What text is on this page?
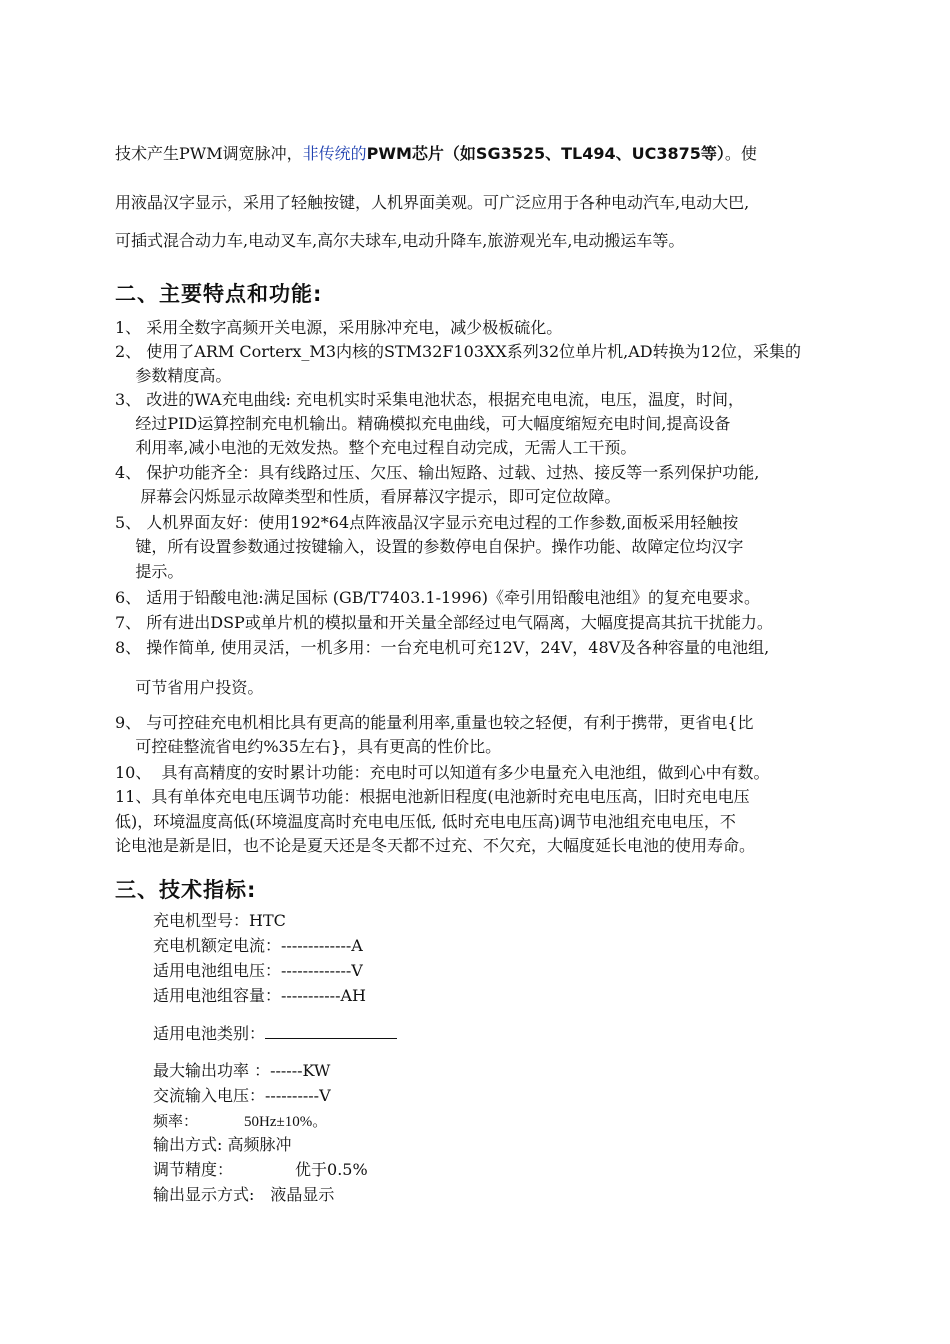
技术产生PWM调宽脉冲，非传统的PWM芯片（如SG3525、TL494、UC3875等）。使
用液晶汉字显示，采用了轻触按键，人机界面美观。可广泛应用于各种电动汽车,电动大巴,
可插式混合动力车,电动叉车,高尔夫球车,电动升降车,旅游观光车,电动搬运车等。
二、主要特点和功能:
1、 采用全数字高频开关电源，采用脉冲充电，减少极板硫化。
2、 使用了ARM Corterx_M3内核的STM32F103XX系列32位单片机,AD转换为12位，采集的
参数精度高。
3、 改进的WA充电曲线: 充电机实时采集电池状态，根据充电电流，电压，温度，时间，
经过PID运算控制充电机输出。精确模拟充电曲线，可大幅度缩短充电时间,提高设备
利用率,减小电池的无效发热。整个充电过程自动完成，无需人工干预。
4、 保护功能齐全：具有线路过压、欠压、输出短路、过载、过热、接反等一系列保护功能,
屏幕会闪烁显示故障类型和性质，看屏幕汉字提示，即可定位故障。
5、 人机界面友好：使用192*64点阵液晶汉字显示充电过程的工作参数,面板采用轻触按
键，所有设置参数通过按键输入，设置的参数停电自保护。操作功能、故障定位均汉字
提示。
6、 适用于铅酸电池:满足国标 (GB/T7403.1-1996)《牵引用铅酸电池组》的复充电要求。
7、 所有进出DSP或单片机的模拟量和开关量全部经过电气隔离，大幅度提高其抗干扰能力。
8、 操作简单, 使用灵活，一机多用：一台充电机可充12V，24V，48V及各种容量的电池组,
可节省用户投资。
9、 与可控硅充电机相比具有更高的能量利用率,重量也较之轻便，有利于携带，更省电{比
可控硅整流省电约%35左右}，具有更高的性价比。
10、  具有高精度的安时累计功能：充电时可以知道有多少电量充入电池组，做到心中有数。
11、具有单体充电电压调节功能：根据电池新旧程度(电池新时充电电压高，旧时充电电压
低)，环境温度高低(环境温度高时充电电压低, 低时充电电压高)调节电池组充电电压，不
论电池是新是旧，也不论是夏天还是冬天都不过充、不欠充，大幅度延长电池的使用寿命。
三、技术指标:
充电机型号：HTC
充电机额定电流：-------------A
适用电池组电压：-------------V
适用电池组容量：-----------AH
适用电池类别：
最大输出功率 ：------KW
交流输入电压：----------V
频率：	50Hz±10%。
输出方式: 高频脉冲
调节精度：	优于0.5%
输出显示方式: 液晶显示
